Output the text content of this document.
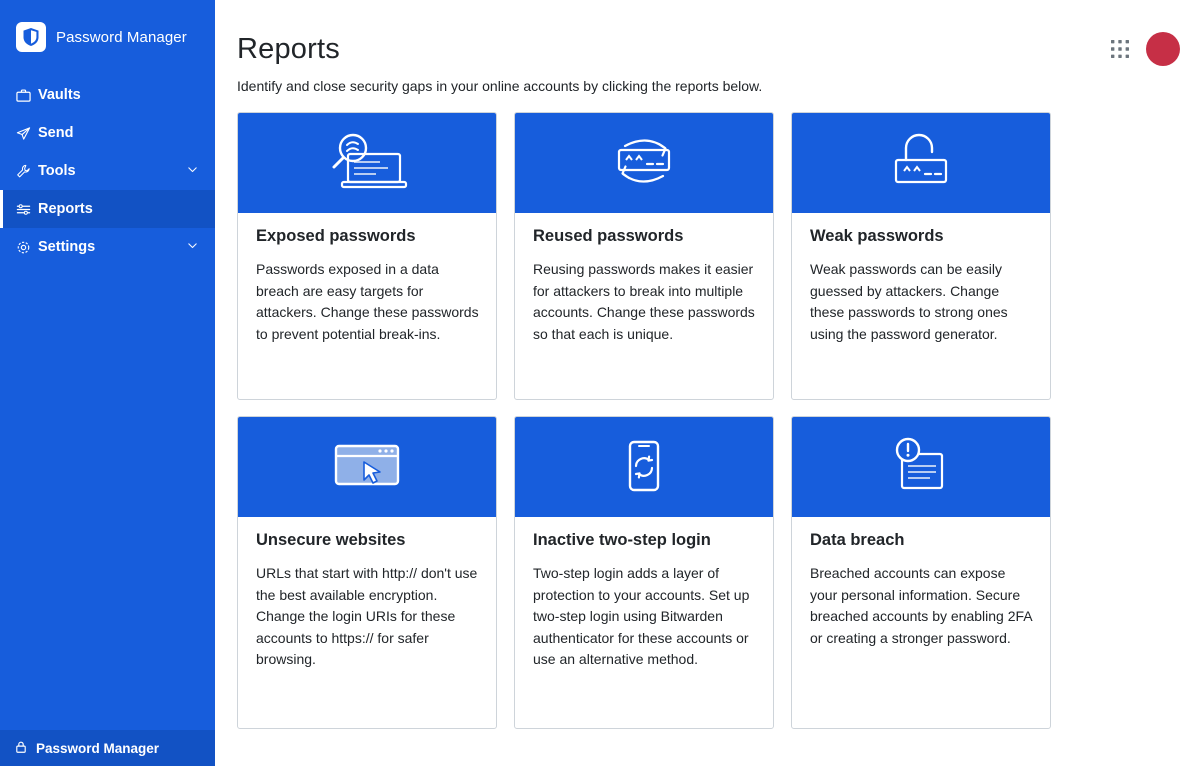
Password Manager
Vaults
Send
Tools
Reports
Settings
Password Manager
Reports
Identify and close security gaps in your online accounts by clicking the reports below.
Exposed passwords
Passwords exposed in a data breach are easy targets for attackers. Change these passwords to prevent potential break-ins.
Reused passwords
Reusing passwords makes it easier for attackers to break into multiple accounts. Change these passwords so that each is unique.
Weak passwords
Weak passwords can be easily guessed by attackers. Change these passwords to strong ones using the password generator.
Unsecure websites
URLs that start with http:// don't use the best available encryption. Change the login URIs for these accounts to https:// for safer browsing.
Inactive two-step login
Two-step login adds a layer of protection to your accounts. Set up two-step login using Bitwarden authenticator for these accounts or use an alternative method.
Data breach
Breached accounts can expose your personal information. Secure breached accounts by enabling 2FA or creating a stronger password.
